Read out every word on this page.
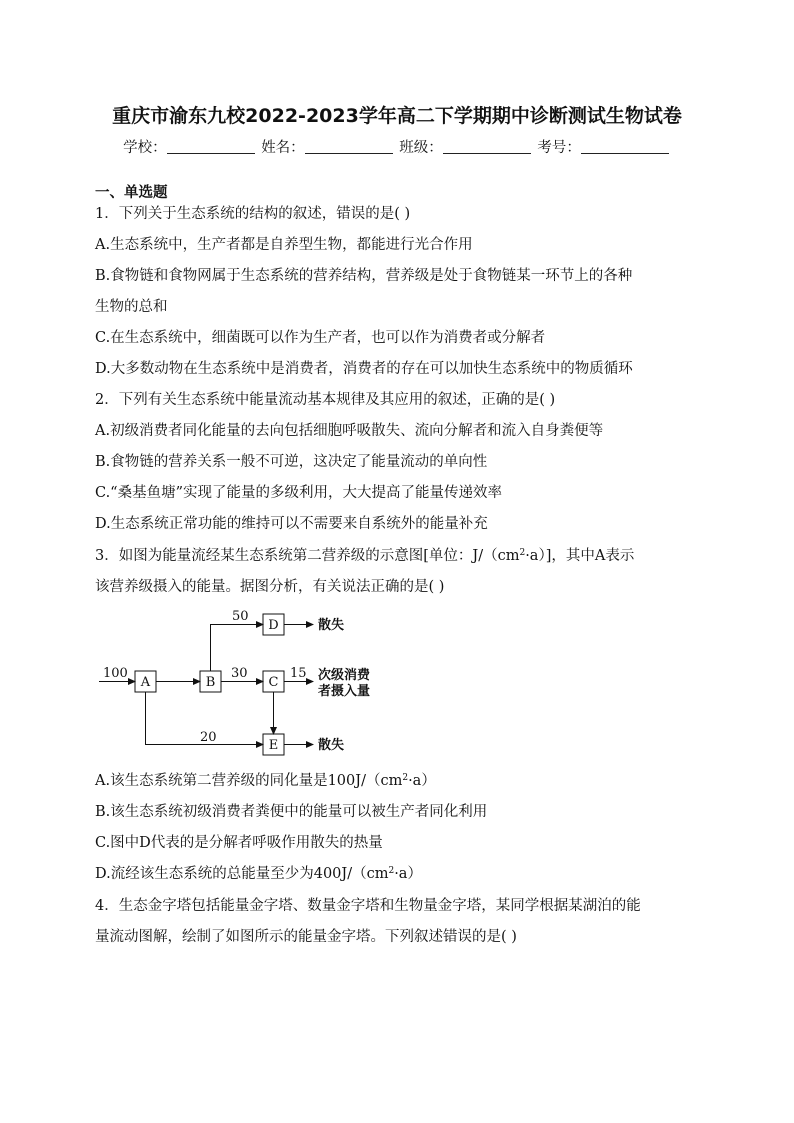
重庆市渝东九校2022-2023学年高二下学期期中诊断测试生物试卷
学校：	姓名：	班级：	考号：
一、单选题
1．下列关于生态系统的结构的叙述，错误的是( )
A.生态系统中，生产者都是自养型生物，都能进行光合作用
B.食物链和食物网属于生态系统的营养结构，营养级是处于食物链某一环节上的各种
生物的总和
C.在生态系统中，细菌既可以作为生产者，也可以作为消费者或分解者
D.大多数动物在生态系统中是消费者，消费者的存在可以加快生态系统中的物质循环
2．下列有关生态系统中能量流动基本规律及其应用的叙述，正确的是( )
A.初级消费者同化能量的去向包括细胞呼吸散失、流向分解者和流入自身粪便等
B.食物链的营养关系一般不可逆，这决定了能量流动的单向性
C.“桑基鱼塘”实现了能量的多级利用，大大提高了能量传递效率
D.生态系统正常功能的维持可以不需要来自系统外的能量补充
3．如图为能量流经某生态系统第二营养级的示意图[单位：$J/(cm^2\cdot a)$]，其中A表示
该营养级摄入的能量。据图分析，有关说法正确的是( )
A	B	C
D
E
100
50
30	15
20
散失
次级消费
者摄入量
散失
A.该生态系统第二营养级的同化量是$100J/(cm^2\cdot a)$
B.该生态系统初级消费者粪便中的能量可以被生产者同化利用
C.图中D代表的是分解者呼吸作用散失的热量
D.流经该生态系统的总能量至少为$400J/(cm^2\cdot a)$
4．生态金字塔包括能量金字塔、数量金字塔和生物量金字塔，某同学根据某湖泊的能
量流动图解，绘制了如图所示的能量金字塔。下列叙述错误的是( )
